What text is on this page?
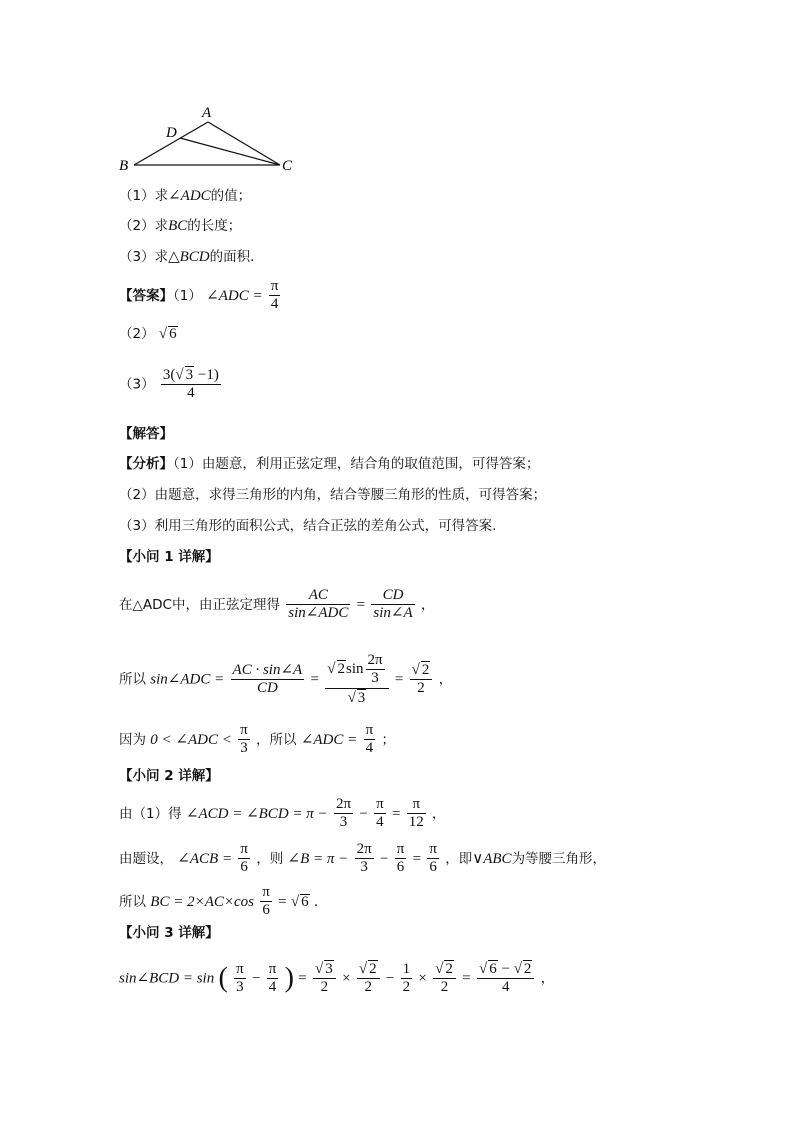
A
D
B	C
（1）求∠ADC的值；
（2）求BC的长度；
（3）求△BCD的面积．
【答案】（1） ∠ADC = $\frac{\pi}{4}$
（2） √ 6
$(3) \frac{3(√ 3 -1)}{4}$
【解答】
【分析】（1）由题意，利用正弦定理，结合角的取值范围，可得答案；
（2）由题意，求得三角形的内角，结合等腰三角形的性质，可得答案；
（3）利用三角形的面积公式，结合正弦的差角公式，可得答案.
【小问 1 详解】
在△ADC中，由正弦定理得 $\frac{AC}{\text{sin∠ADC}} = \frac{CD}{\sin\angle A}$ ，
所以 sin∠ADC = $\frac{AC \cdot \sin\angle A}{CD} = \frac{√ 2\sin \frac{2\pi}{3}}{√ 3} = \frac{√ 2}{2}$ ，
因为 0 < ∠ADC < $\frac{\pi}{3}$ ，所以 ∠ADC = $\frac{\pi}{4}$ ；
【小问 2 详解】
由（1）得 ∠ACD = ∠BCD = $\pi - \frac{2\pi}{3} - \frac{\pi}{4} = \frac{\pi}{12}$ ，
由题设， ∠ACB = $\frac{\pi}{6}$ ，则 ∠B = $\pi - \frac{2\pi}{3} - \frac{\pi}{6} = \frac{\pi}{6}$ ，即∨ABC为等腰三角形，
所以 BC = $2\times AC\times\cos \frac{\pi}{6}$ = √ 6 ．
【小问 3 详解】
sin∠BCD = sin ( $\frac{\pi}{3} - \frac{\pi}{4}$ ) = $\frac{√ 3}{2} \times \frac{√ 2}{2} - \frac{1}{2} \times \frac{√ 2}{2} = \frac{√ 6 - √ 2}{4}$ ，
